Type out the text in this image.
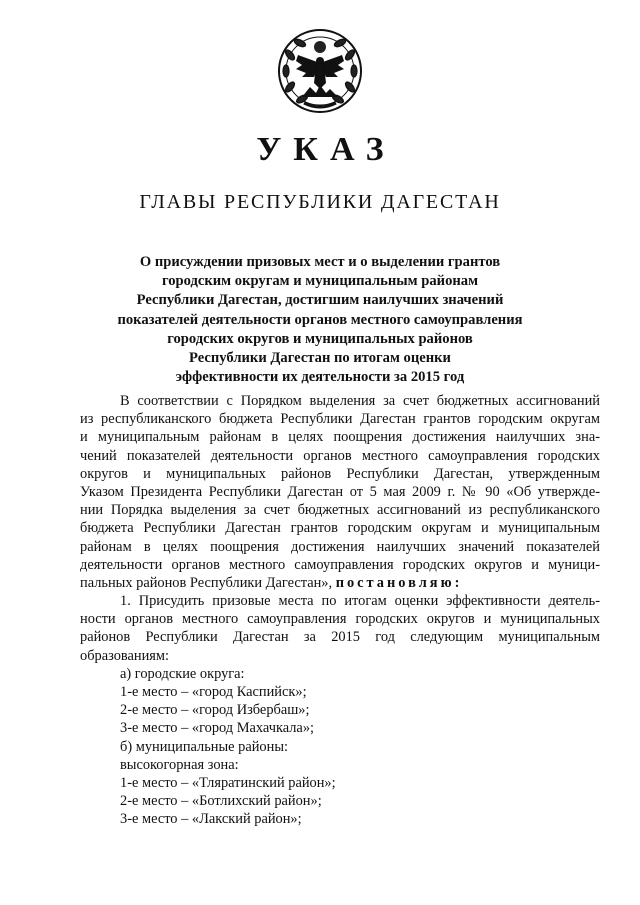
УКАЗ
ГЛАВЫ РЕСПУБЛИКИ ДАГЕСТАН
О присуждении призовых мест и о выделении грантов
городским округам и муниципальным районам
Республики Дагестан, достигшим наилучших значений
показателей деятельности органов местного самоуправления
городских округов и муниципальных районов
Республики Дагестан по итогам оценки
эффективности их деятельности за 2015 год
В соответствии с Порядком выделения за счет бюджетных ассигнований
из республиканского бюджета Республики Дагестан грантов городским округам
и муниципальным районам в целях поощрения достижения наилучших зна-
чений показателей деятельности органов местного самоуправления городских
округов и муниципальных районов Республики Дагестан, утвержденным
Указом Президента Республики Дагестан от 5 мая 2009 г. № 90 «Об утвержде-
нии Порядка выделения за счет бюджетных ассигнований из республиканского
бюджета Республики Дагестан грантов городским округам и муниципальным
районам в целях поощрения достижения наилучших значений показателей
деятельности органов местного самоуправления городских округов и муници-
пальных районов Республики Дагестан», постановляю:
1. Присудить призовые места по итогам оценки эффективности деятель-
ности органов местного самоуправления городских округов и муниципальных
районов Республики Дагестан за 2015 год следующим муниципальным
образованиям:
а) городские округа:
1-е место – «город Каспийск»;
2-е место – «город Избербаш»;
3-е место – «город Махачкала»;
б) муниципальные районы:
высокогорная зона:
1-е место – «Тляратинский район»;
2-е место – «Ботлихский район»;
3-е место – «Лакский район»;
